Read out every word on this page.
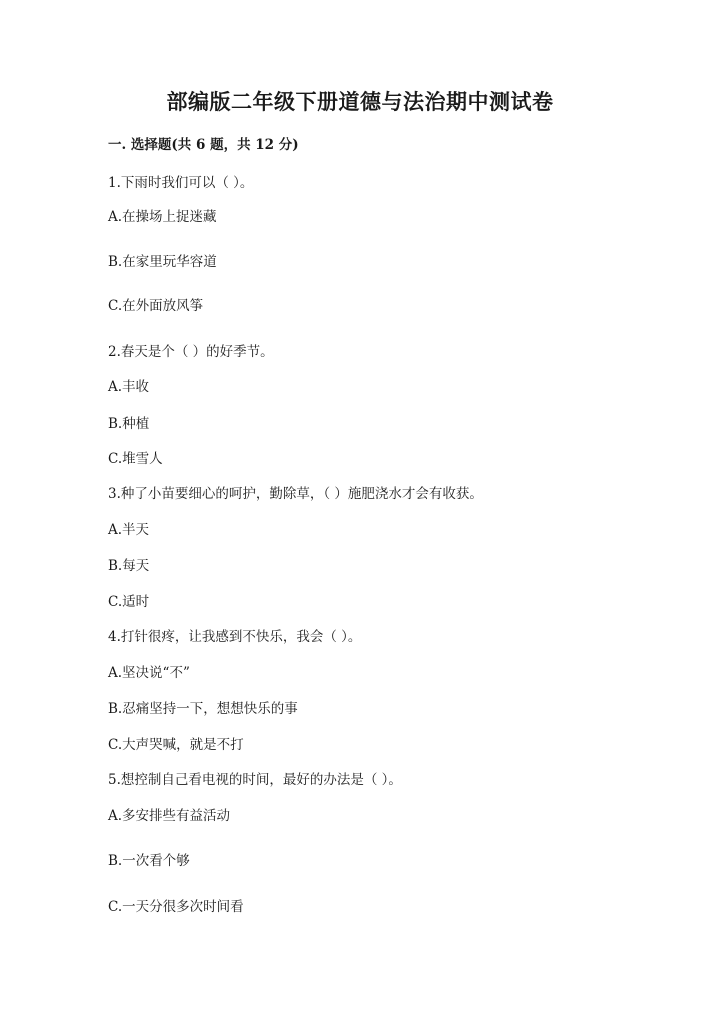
部编版二年级下册道德与法治期中测试卷
一. 选择题(共 6 题，共 12 分)
1.下雨时我们可以（ ）。
A.在操场上捉迷藏
B.在家里玩华容道
C.在外面放风筝
2.春天是个（ ）的好季节。
A.丰收
B.种植
C.堆雪人
3.种了小苗要细心的呵护，勤除草，（ ）施肥浇水才会有收获。
A.半天
B.每天
C.适时
4.打针很疼，让我感到不快乐，我会（ ）。
A.坚决说“不”
B.忍痛坚持一下，想想快乐的事
C.大声哭喊，就是不打
5.想控制自己看电视的时间，最好的办法是（ ）。
A.多安排些有益活动
B.一次看个够
C.一天分很多次时间看
